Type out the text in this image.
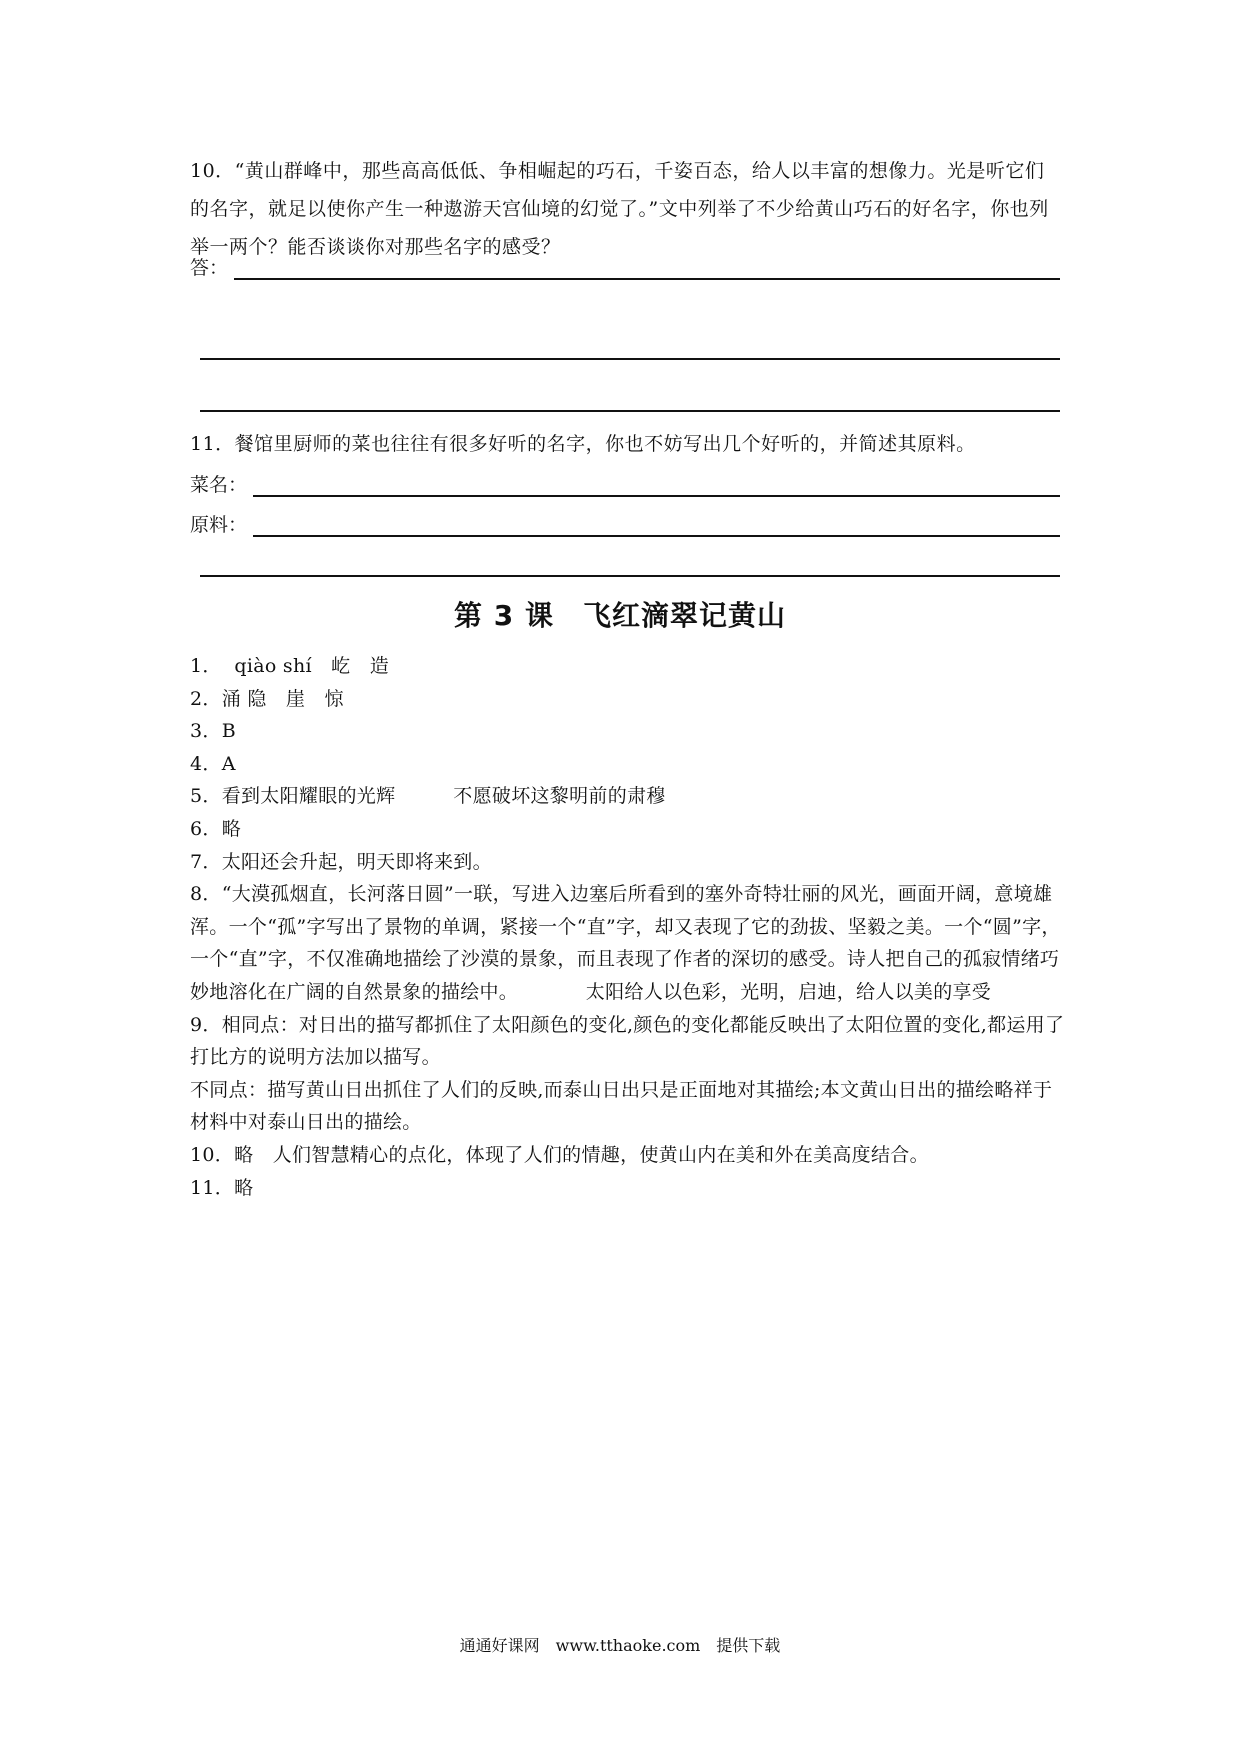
10．“黄山群峰中，那些高高低低、争相崛起的巧石，千姿百态，给人以丰富的想像力。光是听它们的名字，就足以使你产生一种遨游天宫仙境的幻觉了。”文中列举了不少给黄山巧石的好名字，你也列举一两个？能否谈谈你对那些名字的感受？
答：
11．餐馆里厨师的菜也往往有很多好听的名字，你也不妨写出几个好听的，并简述其原料。
菜名：
原料：
第 3 课　飞红滴翠记黄山
1．  qiào shí　屹　造
2．涌 隐　崖　惊
3．B
4．A
5．看到太阳耀眼的光辉　　　不愿破坏这黎明前的肃穆
6．略
7．太阳还会升起，明天即将来到。
8．“大漠孤烟直，长河落日圆”一联，写进入边塞后所看到的塞外奇特壮丽的风光，画面开阔，意境雄浑。一个“孤”字写出了景物的单调，紧接一个“直”字，却又表现了它的劲拔、坚毅之美。一个“圆”字，一个“直”字，不仅准确地描绘了沙漠的景象，而且表现了作者的深切的感受。诗人把自己的孤寂情绪巧妙地溶化在广阔的自然景象的描绘中。　　　　太阳给人以色彩，光明，启迪，给人以美的享受
9．相同点：对日出的描写都抓住了太阳颜色的变化,颜色的变化都能反映出了太阳位置的变化,都运用了打比方的说明方法加以描写。
不同点：描写黄山日出抓住了人们的反映,而泰山日出只是正面地对其描绘;本文黄山日出的描绘略祥于材料中对泰山日出的描绘。
10．略　人们智慧精心的点化，体现了人们的情趣，使黄山内在美和外在美高度结合。
11．略
通通好课网　www.tthaoke.com　提供下载
